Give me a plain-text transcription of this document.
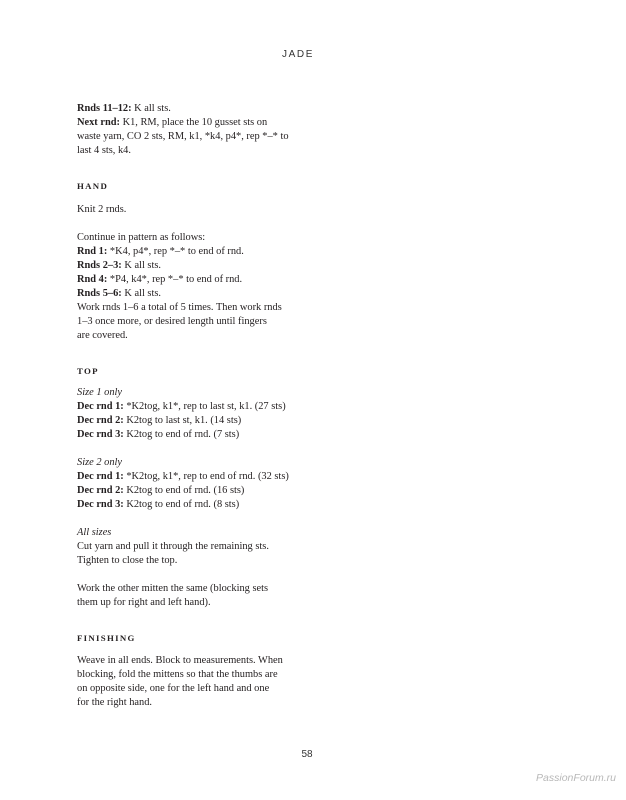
JADE
Rnds 11–12: K all sts.
Next rnd: K1, RM, place the 10 gusset sts on
waste yarn, CO 2 sts, RM, k1, *k4, p4*, rep *–* to
last 4 sts, k4.
HAND
Knit 2 rnds.
Continue in pattern as follows:
Rnd 1: *K4, p4*, rep *–* to end of rnd.
Rnds 2–3: K all sts.
Rnd 4: *P4, k4*, rep *–* to end of rnd.
Rnds 5–6: K all sts.
Work rnds 1–6 a total of 5 times. Then work rnds
1–3 once more, or desired length until fingers
are covered.
TOP
Size 1 only
Dec rnd 1: *K2tog, k1*, rep to last st, k1. (27 sts)
Dec rnd 2: K2tog to last st, k1. (14 sts)
Dec rnd 3: K2tog to end of rnd. (7 sts)
Size 2 only
Dec rnd 1: *K2tog, k1*, rep to end of rnd. (32 sts)
Dec rnd 2: K2tog to end of rnd. (16 sts)
Dec rnd 3: K2tog to end of rnd. (8 sts)
All sizes
Cut yarn and pull it through the remaining sts.
Tighten to close the top.
Work the other mitten the same (blocking sets
them up for right and left hand).
FINISHING
Weave in all ends. Block to measurements. When
blocking, fold the mittens so that the thumbs are
on opposite side, one for the left hand and one
for the right hand.
58
PassionForum.ru
